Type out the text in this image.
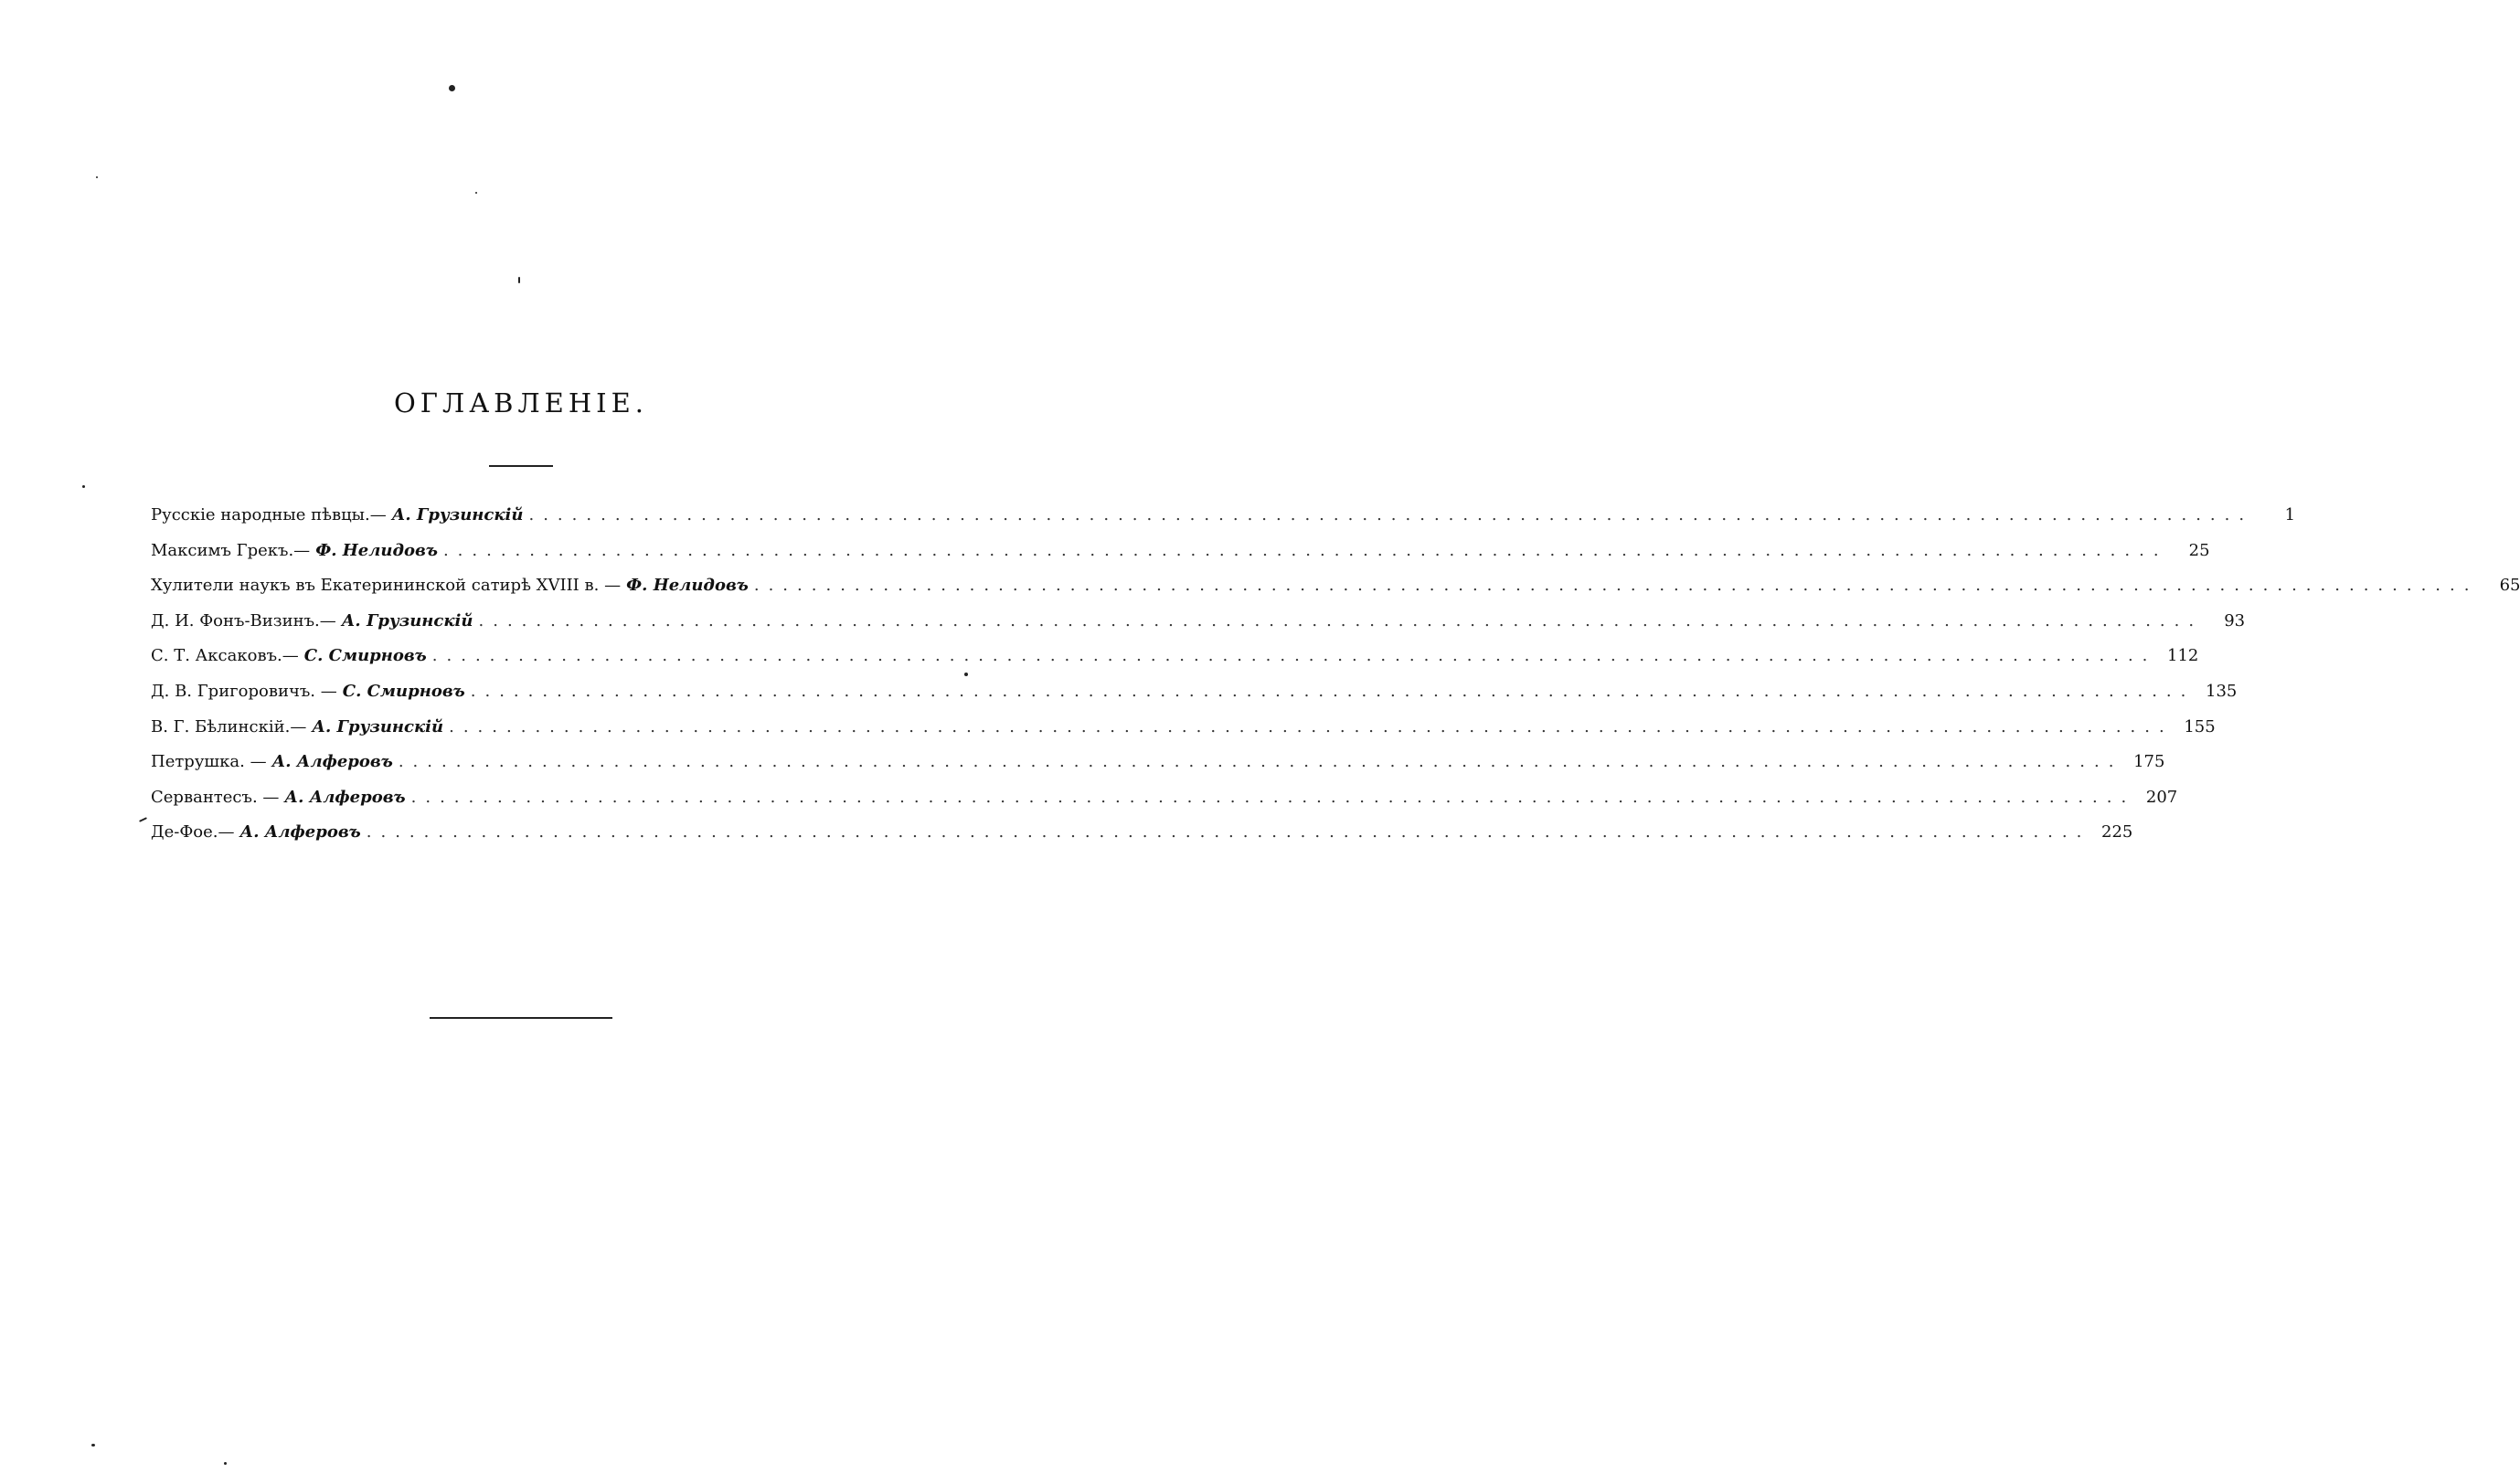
ОГЛАВЛЕНІЕ.
Русскіе народные пѣвцы.— А. Грузинскій ........................................................................................................................	1
Максимъ Грекъ.— Ф. Нелидовъ ........................................................................................................................	25
Хулители наукъ въ Екатерининской сатирѣ XVIII в. — Ф. Нелидовъ ........................................................................................................................	65
Д. И. Фонъ-Визинъ.— А. Грузинскій ........................................................................................................................	93
С. Т. Аксаковъ.— С. Смирновъ ........................................................................................................................ 112
Д. В. Григоровичъ. — С. Смирновъ ........................................................................................................................ 135
В. Г. Бѣлинскій.— А. Грузинскій ........................................................................................................................ 155
Петрушка. — А. Алферовъ ........................................................................................................................ 175
Сервантесъ. — А. Алферовъ ........................................................................................................................ 207
Де-Фое.— А. Алферовъ ........................................................................................................................ 225
